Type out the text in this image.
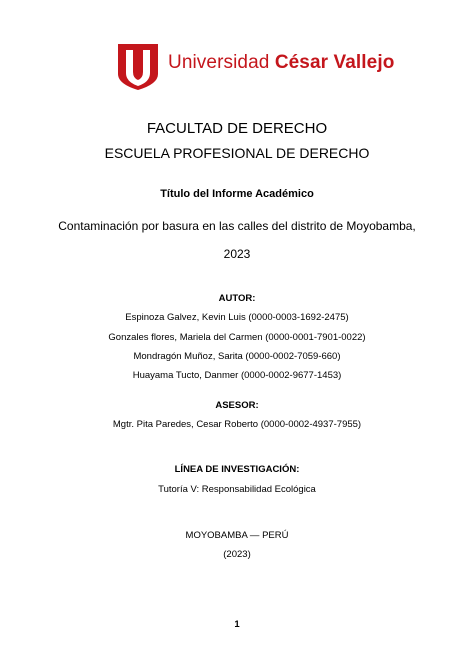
Universidad César Vallejo
FACULTAD DE DERECHO
ESCUELA PROFESIONAL DE DERECHO
Título del Informe Académico
Contaminación por basura en las calles del distrito de Moyobamba,
2023
AUTOR:
Espinoza Galvez, Kevin Luis (0000-0003-1692-2475)
Gonzales flores, Mariela del Carmen (0000-0001-7901-0022)
Mondragón Muñoz, Sarita (0000-0002-7059-660)
Huayama Tucto, Danmer (0000-0002-9677-1453)
ASESOR:
Mgtr. Pita Paredes, Cesar Roberto (0000-0002-4937-7955)
LÍNEA DE INVESTIGACIÓN:
Tutoría V: Responsabilidad Ecológica
MOYOBAMBA — PERÚ
(2023)
1
